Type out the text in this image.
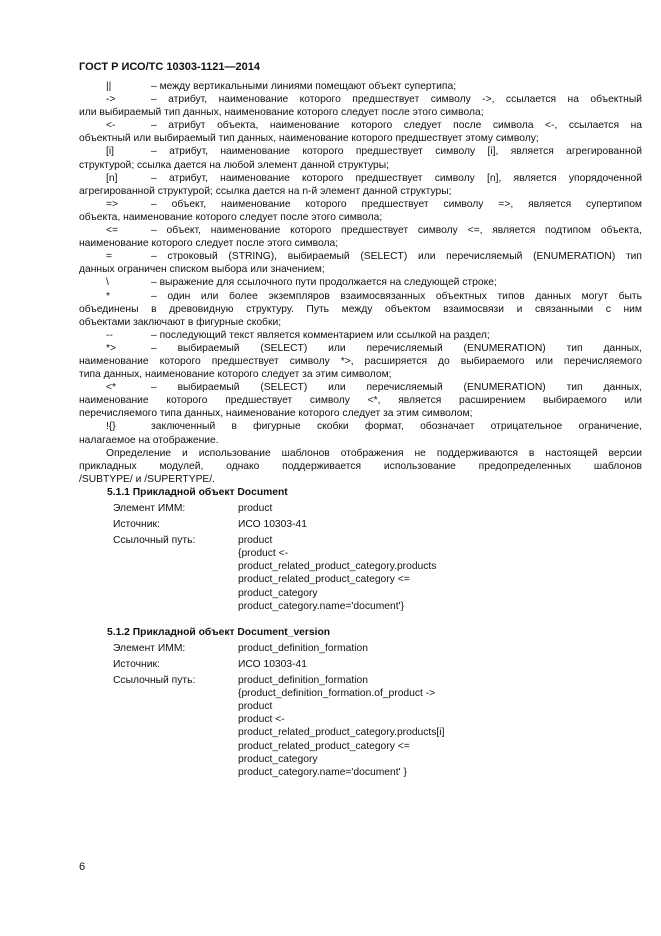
ГОСТ Р ИСО/ТС 10303-1121—2014
||	– между вертикальными линиями помещают объект супертипа;
->	– атрибут, наименование которого предшествует символу ->, ссылается на объектный
или выбираемый тип данных, наименование которого следует после этого символа;
<-	– атрибут объекта, наименование которого следует после символа <-, ссылается на
объектный или выбираемый тип данных, наименование которого предшествует этому символу;
[i]	– атрибут, наименование которого предшествует символу [i], является агрегированной
структурой; ссылка дается на любой элемент данной структуры;
[n]	– атрибут, наименование которого предшествует символу [n], является упорядоченной
агрегированной структурой; ссылка дается на n-й элемент данной структуры;
=>	– объект, наименование которого предшествует символу =>, является супертипом
объекта, наименование которого следует после этого символа;
<=	– объект, наименование которого предшествует символу <=, является подтипом объекта,
наименование которого следует после этого символа;
=	– строковый (STRING), выбираемый (SELECT) или перечисляемый (ENUMERATION) тип
данных ограничен списком выбора или значением;
\	– выражение для ссылочного пути продолжается на следующей строке;
*	– один или более экземпляров взаимосвязанных объектных типов данных могут быть
объединены в древовидную структуру. Путь между объектом взаимосвязи и связанными с ним
объектами заключают в фигурные скобки;
--	– последующий текст является комментарием или ссылкой на раздел;
*>	– выбираемый (SELECT) или перечисляемый (ENUMERATION) тип данных,
наименование которого предшествует символу *>, расширяется до выбираемого или перечисляемого
типа данных, наименование которого следует за этим символом;
<*	– выбираемый (SELECT) или перечисляемый (ENUMERATION) тип данных,
наименование которого предшествует символу <*, является расширением выбираемого или
перечисляемого типа данных, наименование которого следует за этим символом;
!{}	заключенный в фигурные скобки формат, обозначает отрицательное ограничение,
налагаемое на отображение.
Определение и использование шаблонов отображения не поддерживаются в настоящей версии
прикладных модулей, однако поддерживается использование предопределенных шаблонов
/SUBTYPE/ и /SUPERTYPE/.
5.1.1 Прикладной объект Document
Элемент ИММ:	product
Источник:	ИСО 10303-41
Ссылочный путь:	product
{product <-
product_related_product_category.products
product_related_product_category <=
product_category
product_category.name='document'}
5.1.2 Прикладной объект Document_version
Элемент ИММ:	product_definition_formation
Источник:	ИСО 10303-41
Ссылочный путь:	product_definition_formation
{product_definition_formation.of_product ->
product
product <-
product_related_product_category.products[i]
product_related_product_category <=
product_category
product_category.name='document' }
6
